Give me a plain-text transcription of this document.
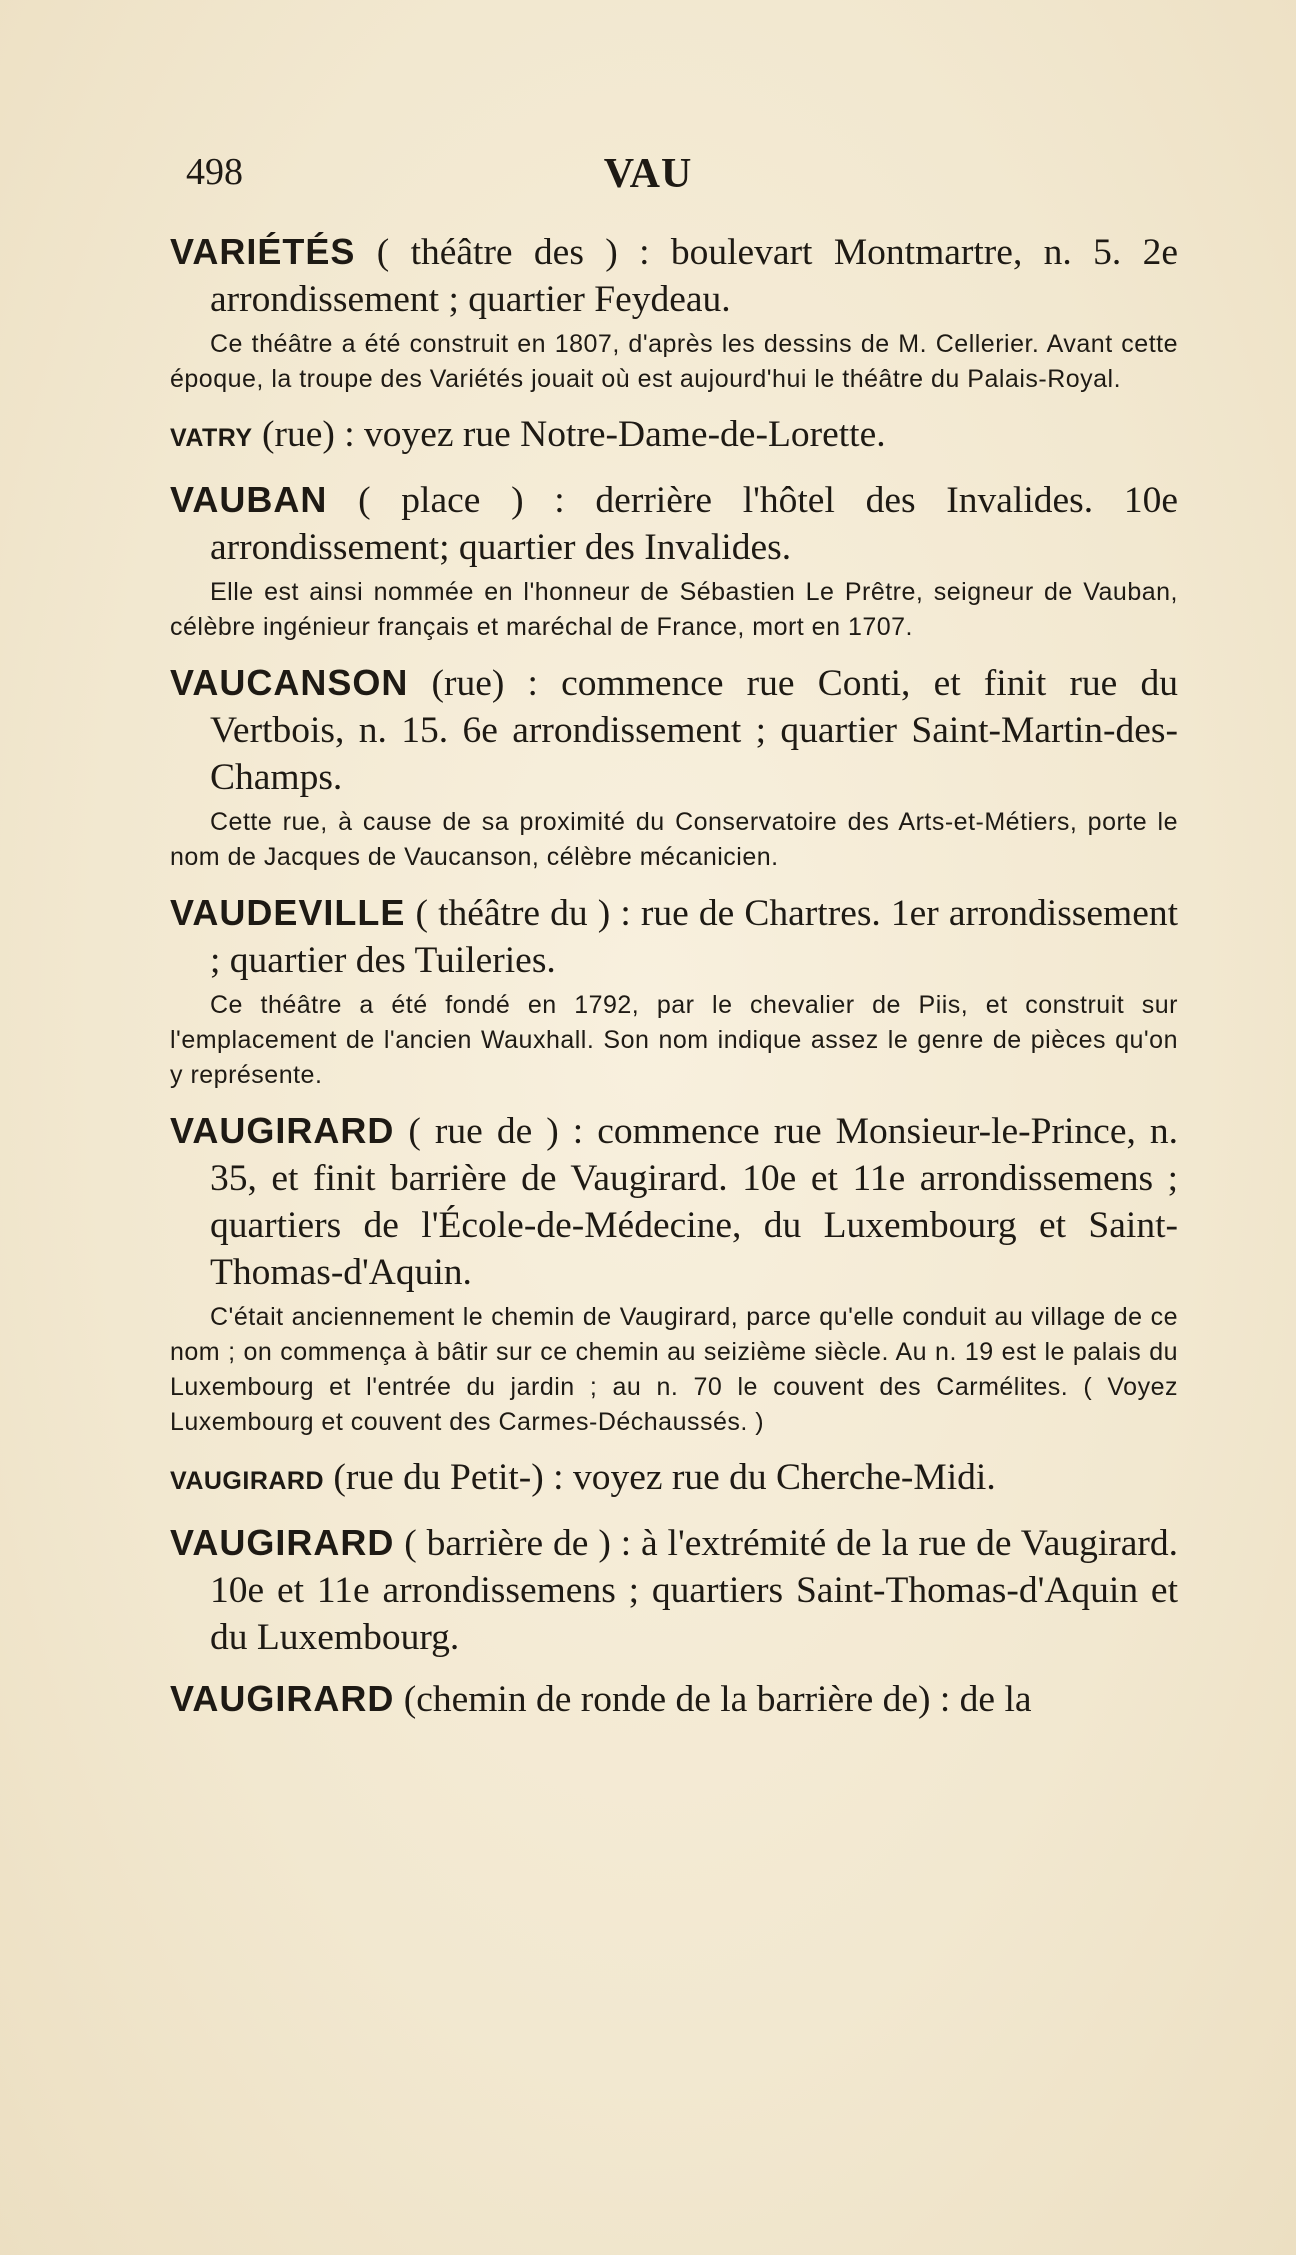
498	VAU

VARIÉTÉS ( théâtre des ) : boulevart Montmartre, n. 5. 2e arrondissement ; quartier Feydeau.

Ce théâtre a été construit en 1807, d'après les dessins de M. Cellerier. Avant cette époque, la troupe des Variétés jouait où est aujourd'hui le théâtre du Palais-Royal.

VATRY (rue) : voyez rue Notre-Dame-de-Lorette.

VAUBAN ( place ) : derrière l'hôtel des Invalides. 10e arrondissement; quartier des Invalides.

Elle est ainsi nommée en l'honneur de Sébastien Le Prêtre, seigneur de Vauban, célèbre ingénieur français et maréchal de France, mort en 1707.

VAUCANSON (rue) : commence rue Conti, et finit rue du Vertbois, n. 15. 6e arrondissement ; quartier Saint-Martin-des-Champs.

Cette rue, à cause de sa proximité du Conservatoire des Arts-et-Métiers, porte le nom de Jacques de Vaucanson, célèbre mécanicien.

VAUDEVILLE ( théâtre du ) : rue de Chartres. 1er arrondissement ; quartier des Tuileries.

Ce théâtre a été fondé en 1792, par le chevalier de Piis, et construit sur l'emplacement de l'ancien Wauxhall. Son nom indique assez le genre de pièces qu'on y représente.

VAUGIRARD ( rue de ) : commence rue Monsieur-le-Prince, n. 35, et finit barrière de Vaugirard. 10e et 11e arrondissemens ; quartiers de l'École-de-Médecine, du Luxembourg et Saint-Thomas-d'Aquin.

C'était anciennement le chemin de Vaugirard, parce qu'elle conduit au village de ce nom ; on commença à bâtir sur ce chemin au seizième siècle. Au n. 19 est le palais du Luxembourg et l'entrée du jardin ; au n. 70 le couvent des Carmélites. ( Voyez Luxembourg et couvent des Carmes-Déchaussés. )

VAUGIRARD (rue du Petit-) : voyez rue du Cherche-Midi.

VAUGIRARD ( barrière de ) : à l'extrémité de la rue de Vaugirard. 10e et 11e arrondissemens ; quartiers Saint-Thomas-d'Aquin et du Luxembourg.

VAUGIRARD (chemin de ronde de la barrière de) : de la
